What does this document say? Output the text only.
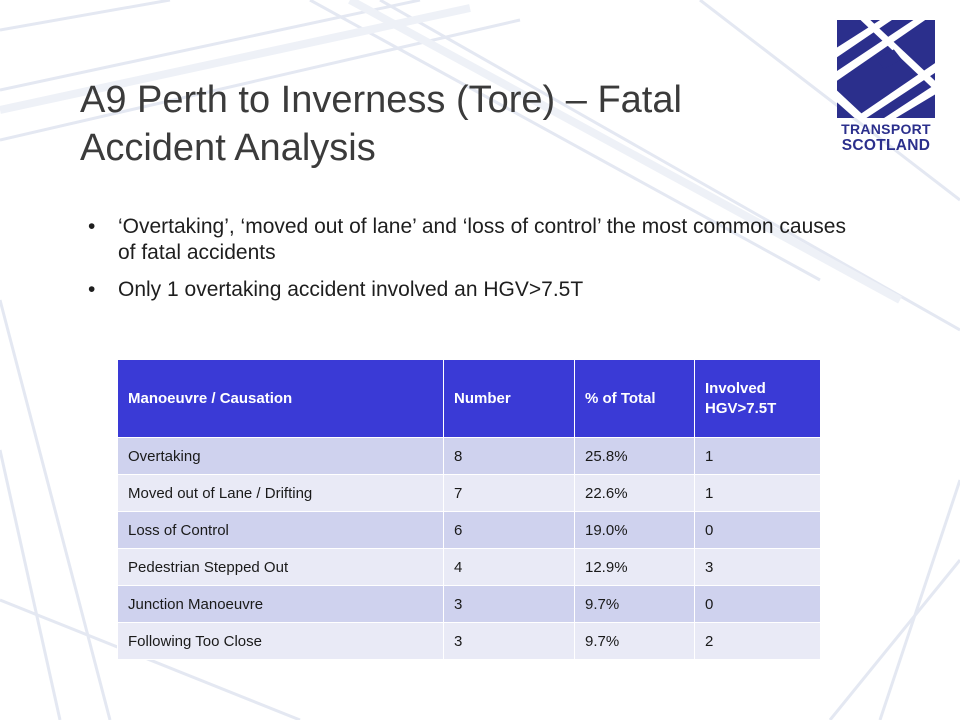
A9 Perth to Inverness (Tore) – Fatal Accident Analysis	TRANSPORT
SCOTLAND
• ‘Overtaking’, ‘moved out of lane’ and ‘loss of control’ the most common causes of fatal accidents
• Only 1 overtaking accident involved an HGV>7.5T
Manoeuvre / Causation	Number	% of Total	Involved HGV>7.5T
Overtaking	8	25.8%	1
Moved out of Lane / Drifting	7	22.6%	1
Loss of Control	6	19.0%	0
Pedestrian Stepped Out	4	12.9%	3
Junction Manoeuvre	3	9.7%	0
Following Too Close	3	9.7%	2
